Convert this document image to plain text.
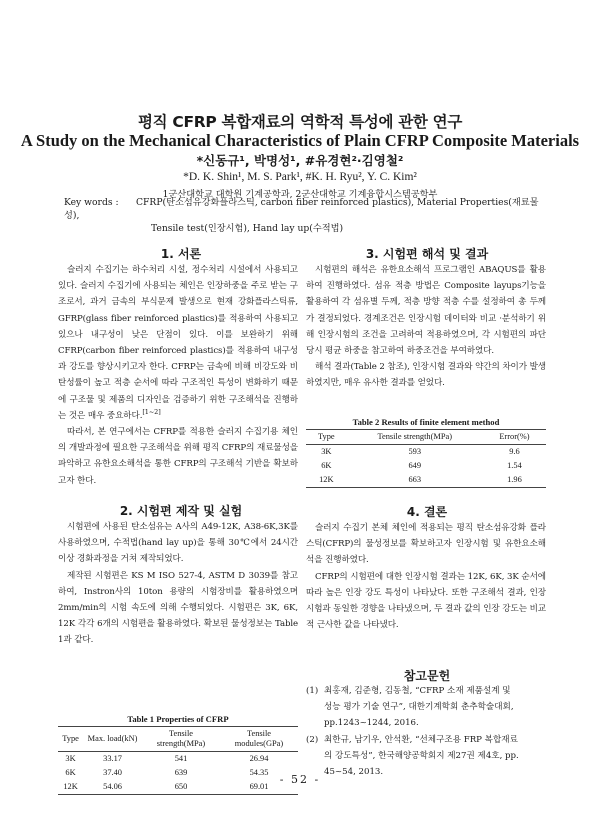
평직 CFRP 복합재료의 역학적 특성에 관한 연구
A Study on the Mechanical Characteristics of Plain CFRP Composite Materials
*신동규¹, 박명성¹, #유경현²·김영철²
*D. K. Shin¹, M. S. Park¹, #K. H. Ryu², Y. C. Kim²
1군산대학교 대학원 기계공학과, 2군산대학교 기계융합시스템공학부
Key words :CFRP(탄소섬유강화플라스틱, carbon fiber reinforced plastics), Material Properties(재료물성),
Tensile test(인장시험), Hand lay up(수적법)
1. 서론
슬러지 수집기는 하수처리 시설, 정수처리 시설에서 사용되고 있다. 슬러지 수집기에 사용되는 체인은 인장하중을 주로 받는 구조로서, 과거 금속의 부식문제 발생으로 현재 강화플라스틱류, GFRP(glass fiber reinforced plastics)를 적용하여 사용되고 있으나 내구성이 낮은 단점이 있다. 이를 보완하기 위해 CFRP(carbon fiber reinforced plastics)를 적용하여 내구성과 강도를 향상시키고자 한다. CFRP는 금속에 비해 비강도와 비탄성률이 높고 적층 순서에 따라 구조적인 특성이 변화하기 때문에 구조물 및 제품의 디자인을 검증하기 위한 구조해석을 진행하는 것은 매우 중요하다.[1~2]
따라서, 본 연구에서는 CFRP를 적용한 슬러지 수집기용 체인의 개발과정에 필요한 구조해석을 위해 평직 CFRP의 재료물성을 파악하고 유한요소해석을 통한 CFRP의 구조해석 기반을 확보하고자 한다.
2. 시험편 제작 및 실험
시험편에 사용된 탄소섬유는 A사의 A49-12K, A38-6K,3K를 사용하였으며, 수적법(hand lay up)을 통해 30℃에서 24시간 이상 경화과정을 거쳐 제작되었다.
제작된 시험편은 KS M ISO 527-4, ASTM D 3039를 참고하여, Instron사의 10ton 용량의 시험장비를 활용하였으며 2mm/min의 시험 속도에 의해 수행되었다. 시험편은 3K, 6K, 12K 각각 6개의 시험편을 활용하였다. 확보된 물성정보는 Table 1과 같다.
Table 1 Properties of CFRP
Type	Max. load(kN)	Tensile strength(MPa)	Tensile modules(GPa)
3K	33.17	541	26.94
6K	37.40	639	54.35
12K	54.06	650	69.01
3. 시험편 해석 및 결과
시험편의 해석은 유한요소해석 프로그램인 ABAQUS를 활용하여 진행하였다. 섬유 적층 방법은 Composite layups기능을 활용하여 각 섬유별 두께, 적층 방향 적층 수를 설정하여 총 두께가 결정되었다. 경계조건은 인장시험 데이터와 비교 ·분석하기 위해 인장시험의 조건을 고려하여 적용하였으며, 각 시험편의 파단 당시 평균 하중을 참고하여 하중조건을 부여하였다.
해석 결과(Table 2 참조), 인장시험 결과와 약간의 차이가 발생하였지만, 매우 유사한 결과를 얻었다.
Table 2 Results of finite element method
Type	Tensile strength(MPa)	Error(%)
3K	593	9.6
6K	649	1.54
12K	663	1.96
4. 결론
슬러지 수집기 본체 체인에 적용되는 평직 탄소섬유강화 플라스틱(CFRP)의 물성정보를 확보하고자 인장시험 및 유한요소해석을 진행하였다.
CFRP의 시험편에 대한 인장시험 결과는 12K, 6K, 3K 순서에 따라 높은 인장 강도 특성이 나타났다. 또한 구조해석 결과, 인장시험과 동일한 경향을 나타냈으며, 두 결과 값의 인장 강도는 비교적 근사한 값을 나타냈다.
참고문헌
(1) 최홍재, 김준형, 김동철, “CFRP 소재 제품설계 및
성능 평가 기술 연구”, 대한기계학회 춘추학술대회, pp.1243~1244, 2016.
(2) 최한규, 남기우, 안석환, “선체구조용 FRP 복합재료
의 강도특성”, 한국해양공학회지 제27권 제4호, pp. 45~54, 2013.
- 52 -
